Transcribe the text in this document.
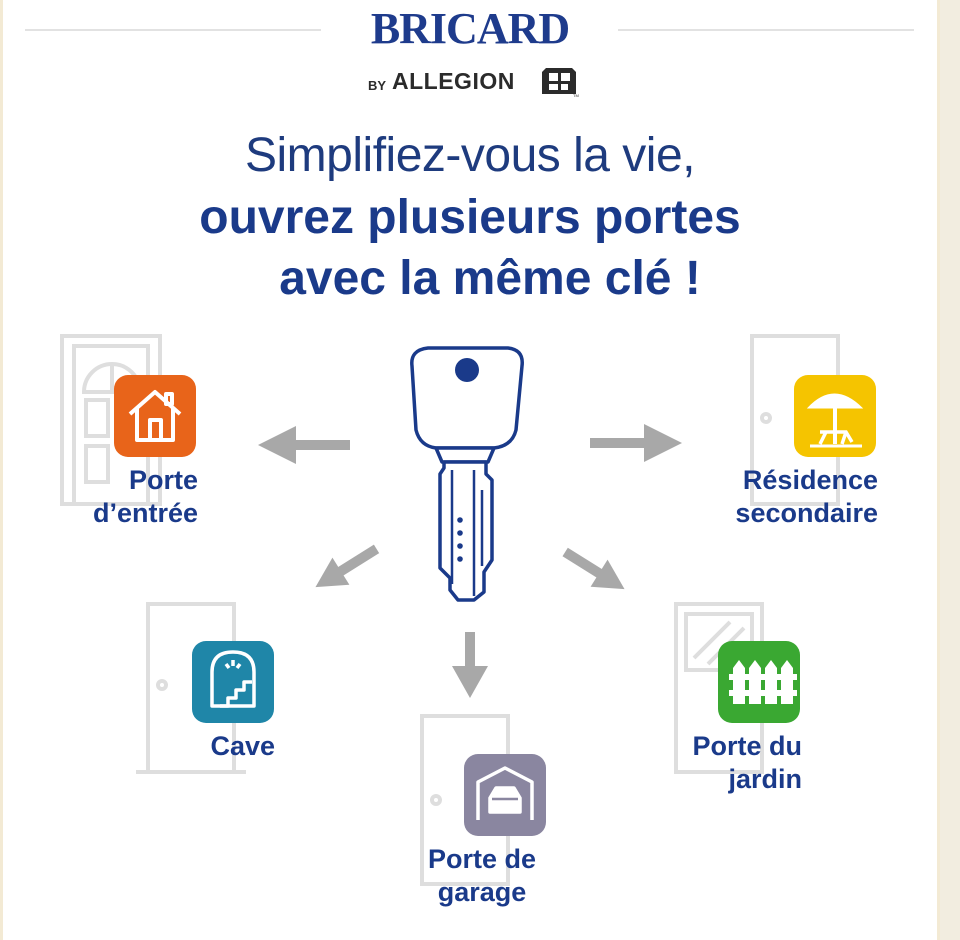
BRICARD
BY ALLEGION
TM
Simplifiez-vous la vie,
ouvrez plusieurs portes
avec la même clé !
Porte
d’entrée
Résidence
secondaire
Cave
Porte de
garage
Porte du
jardin
